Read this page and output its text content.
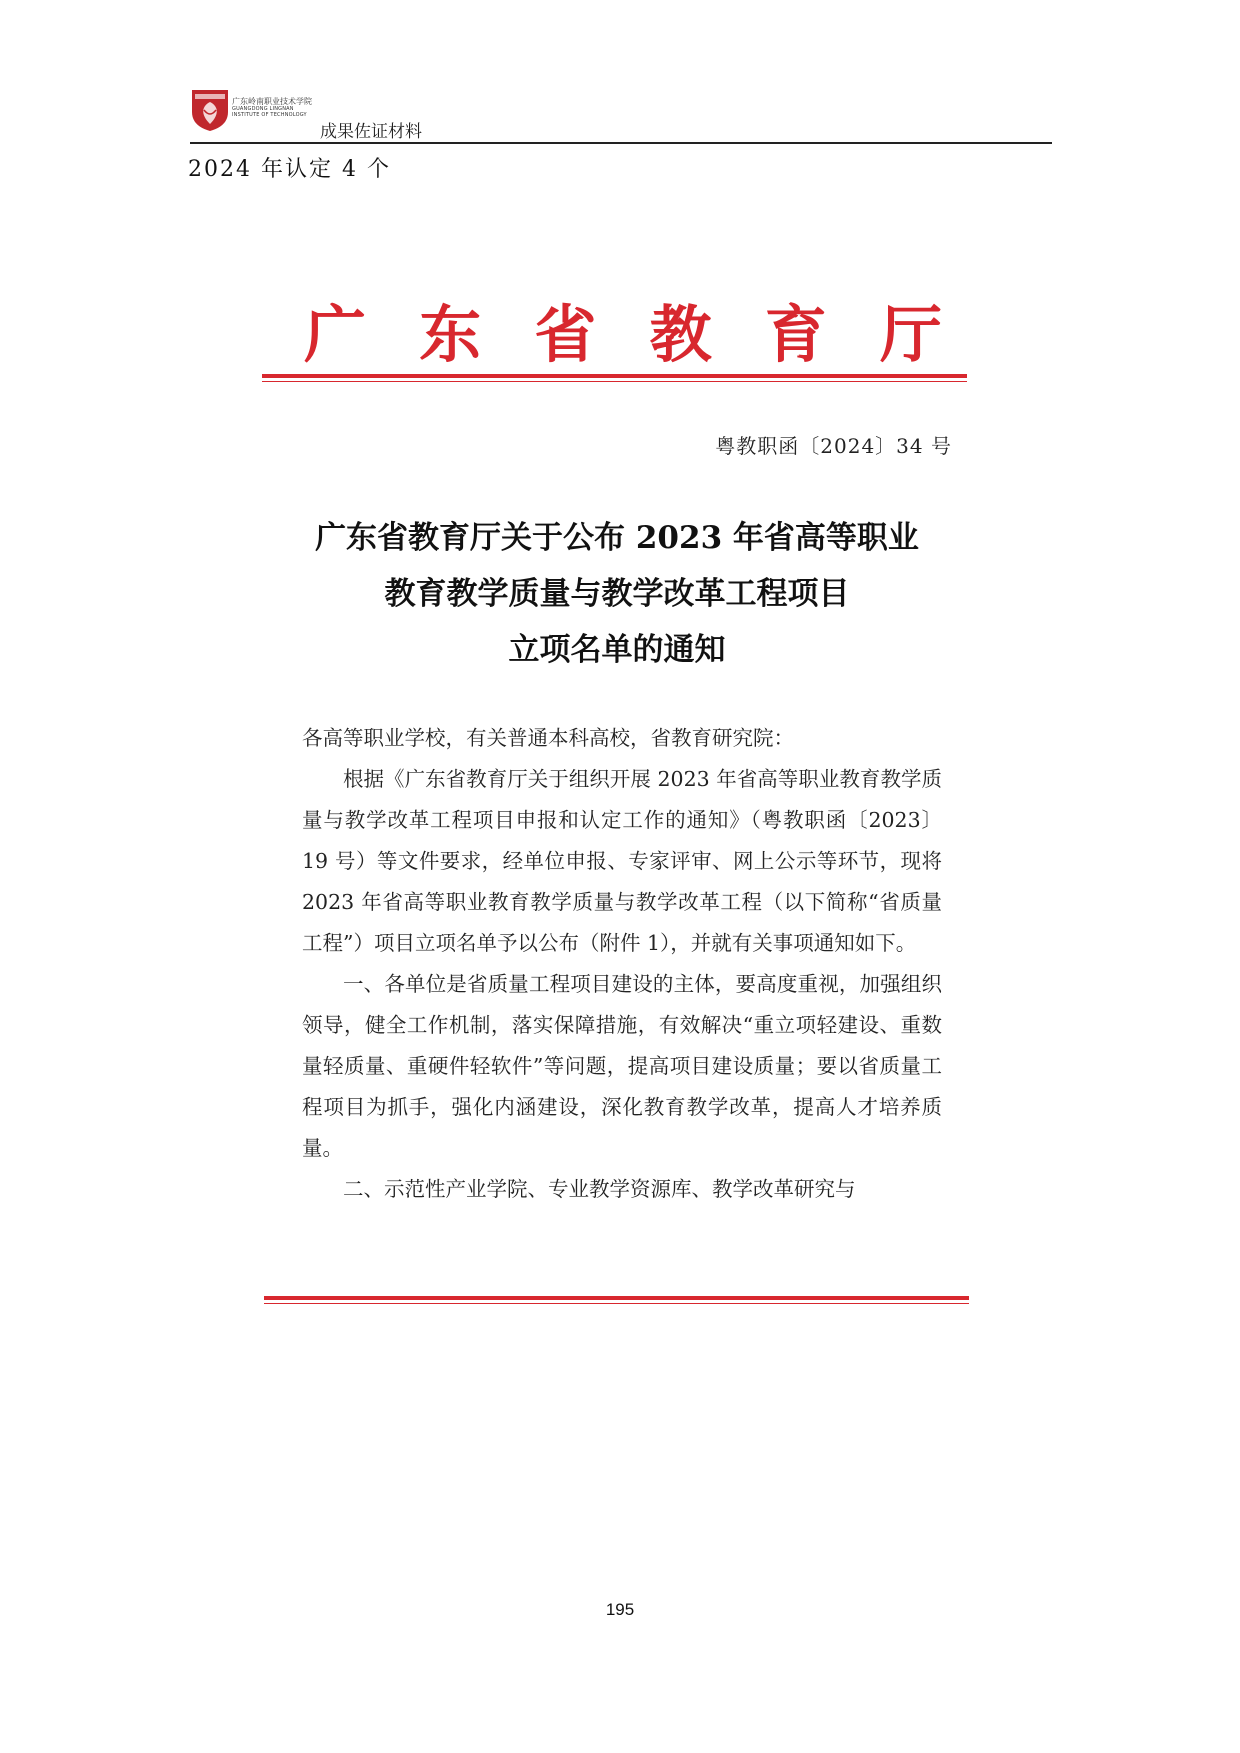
广东岭南职业技术学院
GUANGDONG LINGNAN
INSTITUTE OF TECHNOLOGY
成果佐证材料
2024 年认定 4 个
广 东 省 教 育 厅
粤教职函〔2024〕34 号
广东省教育厅关于公布 2023 年省高等职业
教育教学质量与教学改革工程项目
立项名单的通知

各高等职业学校，有关普通本科高校，省教育研究院：

根据《广东省教育厅关于组织开展 2023 年省高等职业教育教学质量与教学改革工程项目申报和认定工作的通知》（粤教职函〔2023〕19 号）等文件要求，经单位申报、专家评审、网上公示等环节，现将 2023 年省高等职业教育教学质量与教学改革工程（以下简称“省质量工程”）项目立项名单予以公布（附件 1），并就有关事项通知如下。

一、各单位是省质量工程项目建设的主体，要高度重视，加强组织领导，健全工作机制，落实保障措施，有效解决“重立项轻建设、重数量轻质量、重硬件轻软件”等问题，提高项目建设质量；要以省质量工程项目为抓手，强化内涵建设，深化教育教学改革，提高人才培养质量。

二、示范性产业学院、专业教学资源库、教学改革研究与

195
